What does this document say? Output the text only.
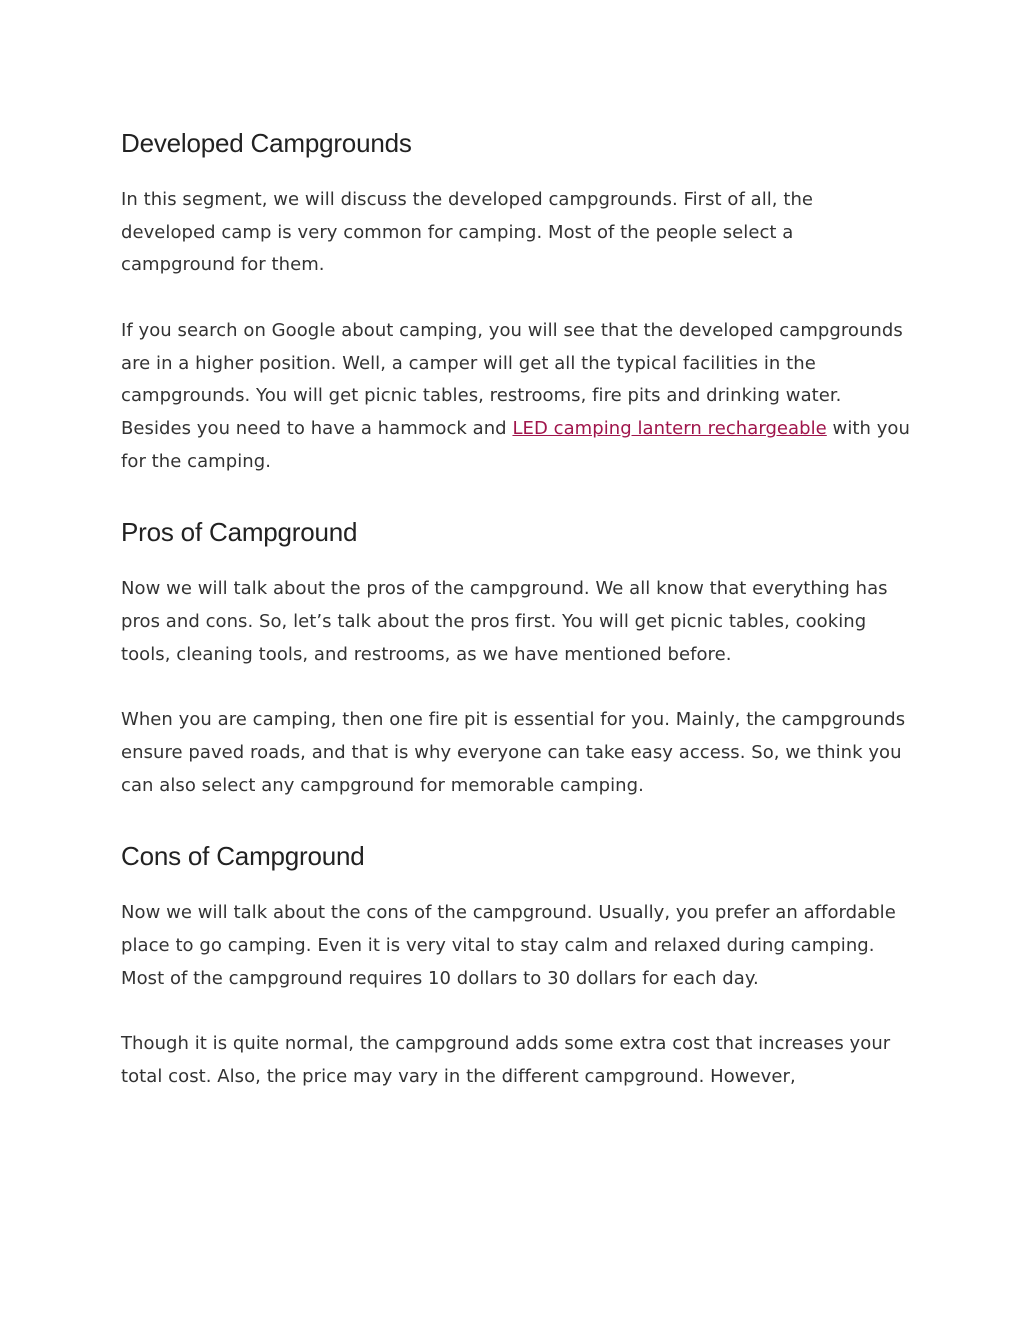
Developed Campgrounds

In this segment, we will discuss the developed campgrounds. First of all, the developed camp is very common for camping. Most of the people select a campground for them.

If you search on Google about camping, you will see that the developed campgrounds are in a higher position. Well, a camper will get all the typical facilities in the campgrounds. You will get picnic tables, restrooms, fire pits and drinking water. Besides you need to have a hammock and LED camping lantern rechargeable with you for the camping.

Pros of Campground

Now we will talk about the pros of the campground. We all know that everything has pros and cons. So, let’s talk about the pros first. You will get picnic tables, cooking tools, cleaning tools, and restrooms, as we have mentioned before.

When you are camping, then one fire pit is essential for you. Mainly, the campgrounds ensure paved roads, and that is why everyone can take easy access. So, we think you can also select any campground for memorable camping.

Cons of Campground

Now we will talk about the cons of the campground. Usually, you prefer an affordable place to go camping. Even it is very vital to stay calm and relaxed during camping. Most of the campground requires 10 dollars to 30 dollars for each day.

Though it is quite normal, the campground adds some extra cost that increases your total cost. Also, the price may vary in the different campground. However,
